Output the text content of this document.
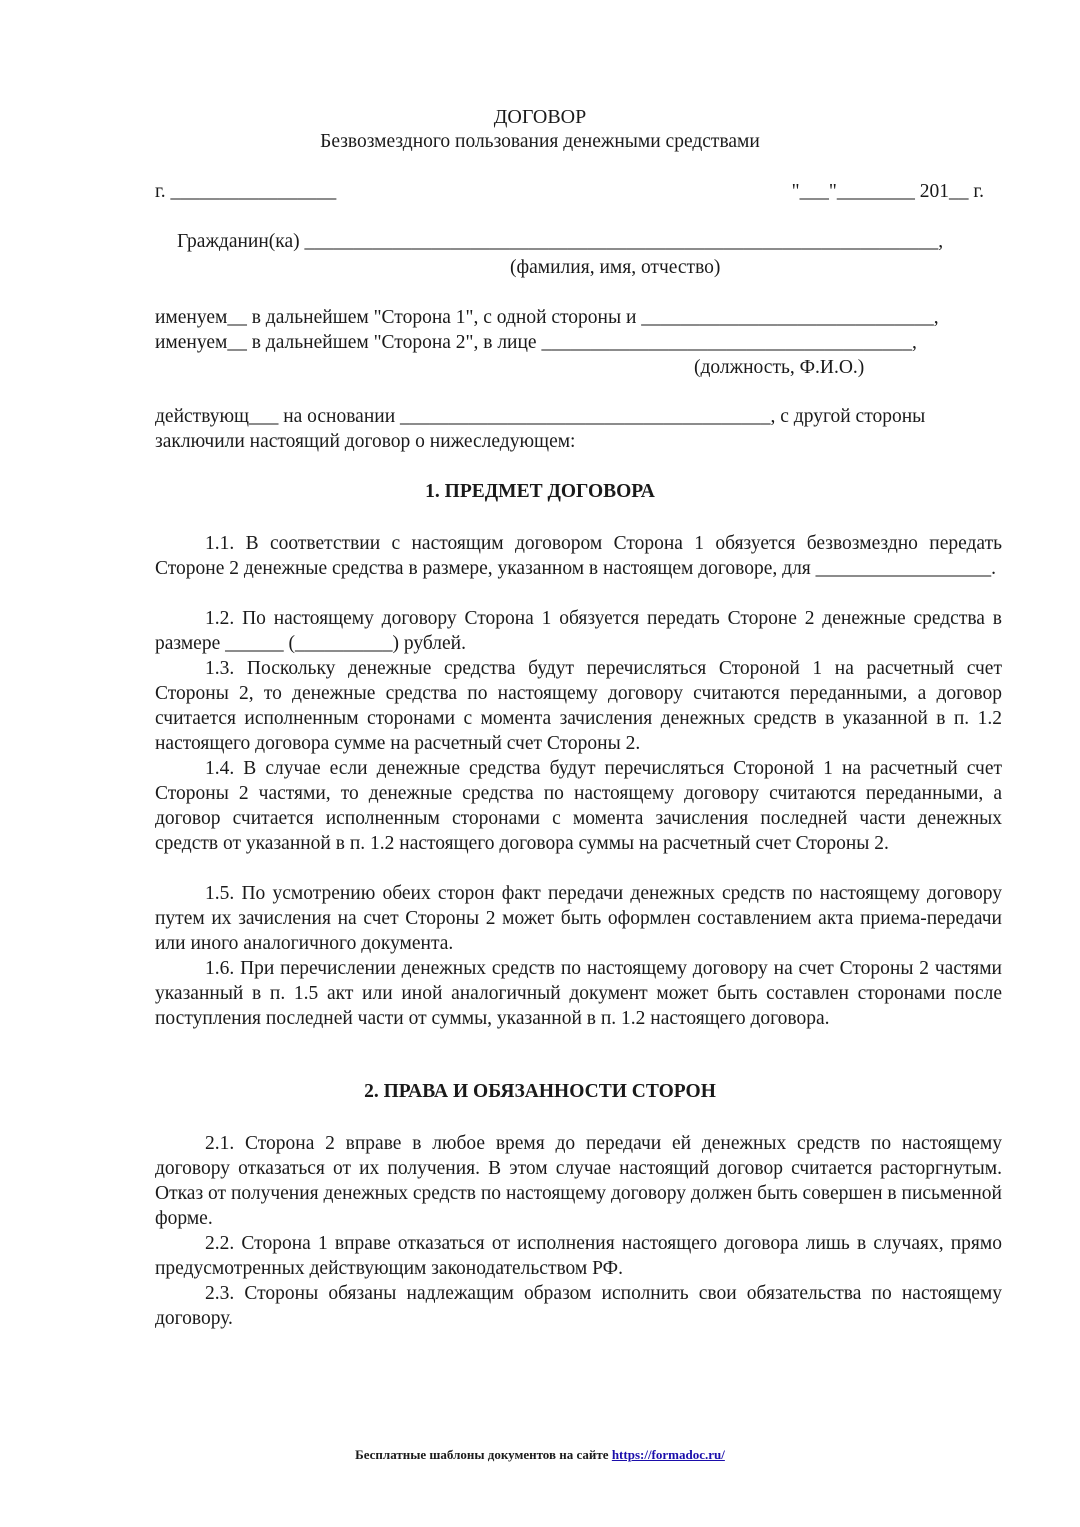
ДОГОВОР
Безвозмездного пользования денежными средствами
г. _________________	"___"________ 201__ г.
Гражданин(ка) _________________________________________________________________,
(фамилия, имя, отчество)
именуем__ в дальнейшем "Сторона 1", с одной стороны и ______________________________,
именуем__ в дальнейшем "Сторона 2", в лице ______________________________________,
(должность, Ф.И.О.)
действующ___ на основании ______________________________________, с другой стороны
заключили настоящий договор о нижеследующем:
1. ПРЕДМЕТ ДОГОВОРА

1.1. В соответствии с настоящим договором Сторона 1 обязуется безвозмездно передать Стороне 2 денежные средства в размере, указанном в настоящем договоре, для __________________.

1.2. По настоящему договору Сторона 1 обязуется передать Стороне 2 денежные средства в размере ______ (__________) рублей.

1.3. Поскольку денежные средства будут перечисляться Стороной 1 на расчетный счет Стороны 2, то денежные средства по настоящему договору считаются переданными, а договор считается исполненным сторонами с момента зачисления денежных средств в указанной в п. 1.2 настоящего договора сумме на расчетный счет Стороны 2.

1.4. В случае если денежные средства будут перечисляться Стороной 1 на расчетный счет Стороны 2 частями, то денежные средства по настоящему договору считаются переданными, а договор считается исполненным сторонами с момента зачисления последней части денежных средств от указанной в п. 1.2 настоящего договора суммы на расчетный счет Стороны 2.

1.5. По усмотрению обеих сторон факт передачи денежных средств по настоящему договору путем их зачисления на счет Стороны 2 может быть оформлен составлением акта приема-передачи или иного аналогичного документа.

1.6. При перечислении денежных средств по настоящему договору на счет Стороны 2 частями указанный в п. 1.5 акт или иной аналогичный документ может быть составлен сторонами после поступления последней части от суммы, указанной в п. 1.2 настоящего договора.

2. ПРАВА И ОБЯЗАННОСТИ СТОРОН

2.1. Сторона 2 вправе в любое время до передачи ей денежных средств по настоящему договору отказаться от их получения. В этом случае настоящий договор считается расторгнутым. Отказ от получения денежных средств по настоящему договору должен быть совершен в письменной форме.

2.2. Сторона 1 вправе отказаться от исполнения настоящего договора лишь в случаях, прямо предусмотренных действующим законодательством РФ.

2.3. Стороны обязаны надлежащим образом исполнить свои обязательства по настоящему договору.

Бесплатные шаблоны документов на сайте https://formadoc.ru/
